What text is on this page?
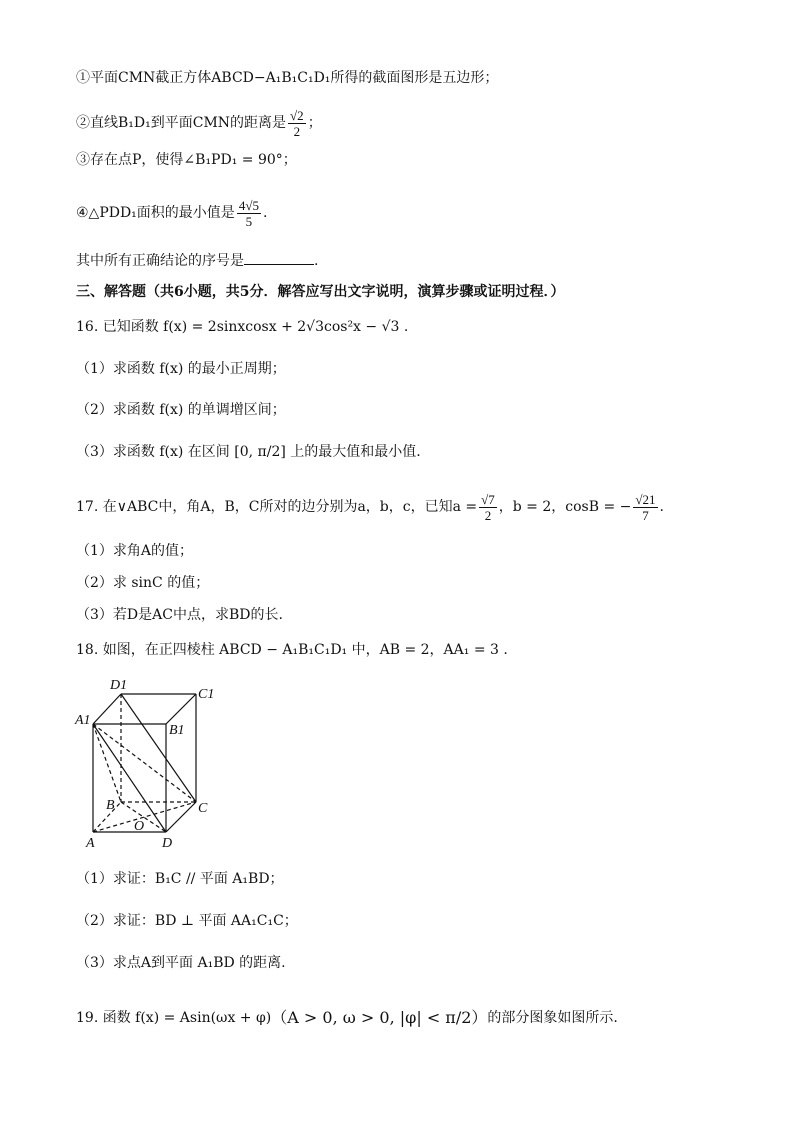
①平面CMN截正方体ABCD−A₁B₁C₁D₁所得的截面图形是五边形；
②直线B₁D₁到平面CMN的距离是 $\frac{√2}{2}$ ；
③存在点P，使得∠B₁PD₁ = 90°；
④△PDD₁面积的最小值是 $\frac{4√5}{5}$ .
其中所有正确结论的序号是	.
三、解答题（共6小题，共5分．解答应写出文字说明，演算步骤或证明过程．）
16. 已知函数 f(x) = 2sinxcosx + 2√3cos²x − √3 .
（1）求函数 f(x) 的最小正周期；
（2）求函数 f(x) 的单调增区间；
（3）求函数 f(x) 在区间 [0, π/2] 上的最大值和最小值.
17. 在∨ABC中，角A，B，C所对的边分别为a，b，c，已知$a = \frac{√7}{2}$ ，b = 2，cosB = − $\frac{√21}{7}$ .
（1）求角A的值；
（2）求 sinC 的值；
（3）若D是AC中点，求BD的长.
18. 如图，在正四棱柱 ABCD − A₁B₁C₁D₁ 中，AB = 2，AA₁ = 3 .
D1
C1
A1
B1
B	C
O
A	D
（1）求证：B₁C // 平面 A₁BD；
（2）求证：BD ⊥ 平面 AA₁C₁C；
（3）求点A到平面 A₁BD 的距离.
19. 函数 f(x) = Asin(ωx + φ) （A > 0, ω > 0, |φ| < π/2） 的部分图象如图所示.
